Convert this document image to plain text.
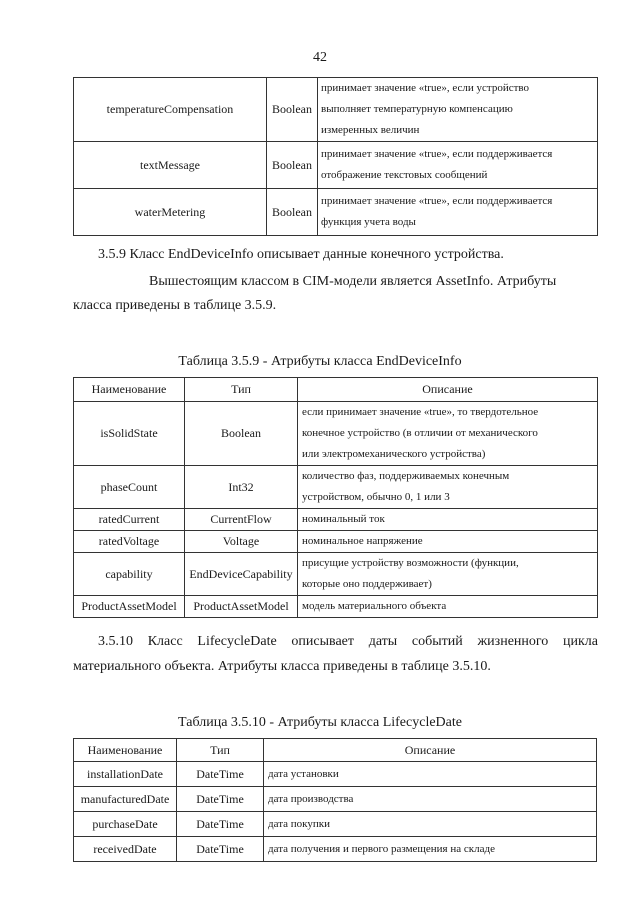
42
temperatureCompensation	Boolean	принимает значение «true», если устройство
выполняет температурную компенсацию
измеренных величин

textMessage	Boolean	принимает значение «true», если поддерживается
отображение текстовых сообщений

waterMetering	Boolean	принимает значение «true», если поддерживается
функция учета воды
3.5.9 Класс EndDeviceInfo описывает данные конечного устройства.
Вышестоящим классом в CIM-модели является AssetInfo. Атрибуты
класса приведены в таблице 3.5.9.
Таблица 3.5.9 - Атрибуты класса EndDeviceInfo
Наименование	Тип	Описание
isSolidState	Boolean	если принимает значение «true», то твердотельное
конечное устройство (в отличии от механического
или электромеханического устройства)

phaseCount	Int32	количество фаз, поддерживаемых конечным
устройством, обычно 0, 1 или 3

ratedCurrent	CurrentFlow	номинальный ток

ratedVoltage	Voltage	номинальное напряжение

capability	EndDeviceCapability	присущие устройству возможности (функции,
которые оно поддерживает)

ProductAssetModel	ProductAssetModel	модель материального объекта
3.5.10 Класс LifecycleDate описывает даты событий жизненного цикла
материального объекта. Атрибуты класса приведены в таблице 3.5.10.
Таблица 3.5.10 - Атрибуты класса LifecycleDate
Наименование	Тип	Описание
installationDate	DateTime	дата установки
manufacturedDate	DateTime	дата производства
purchaseDate	DateTime	дата покупки
receivedDate	DateTime	дата получения и первого размещения на складе
